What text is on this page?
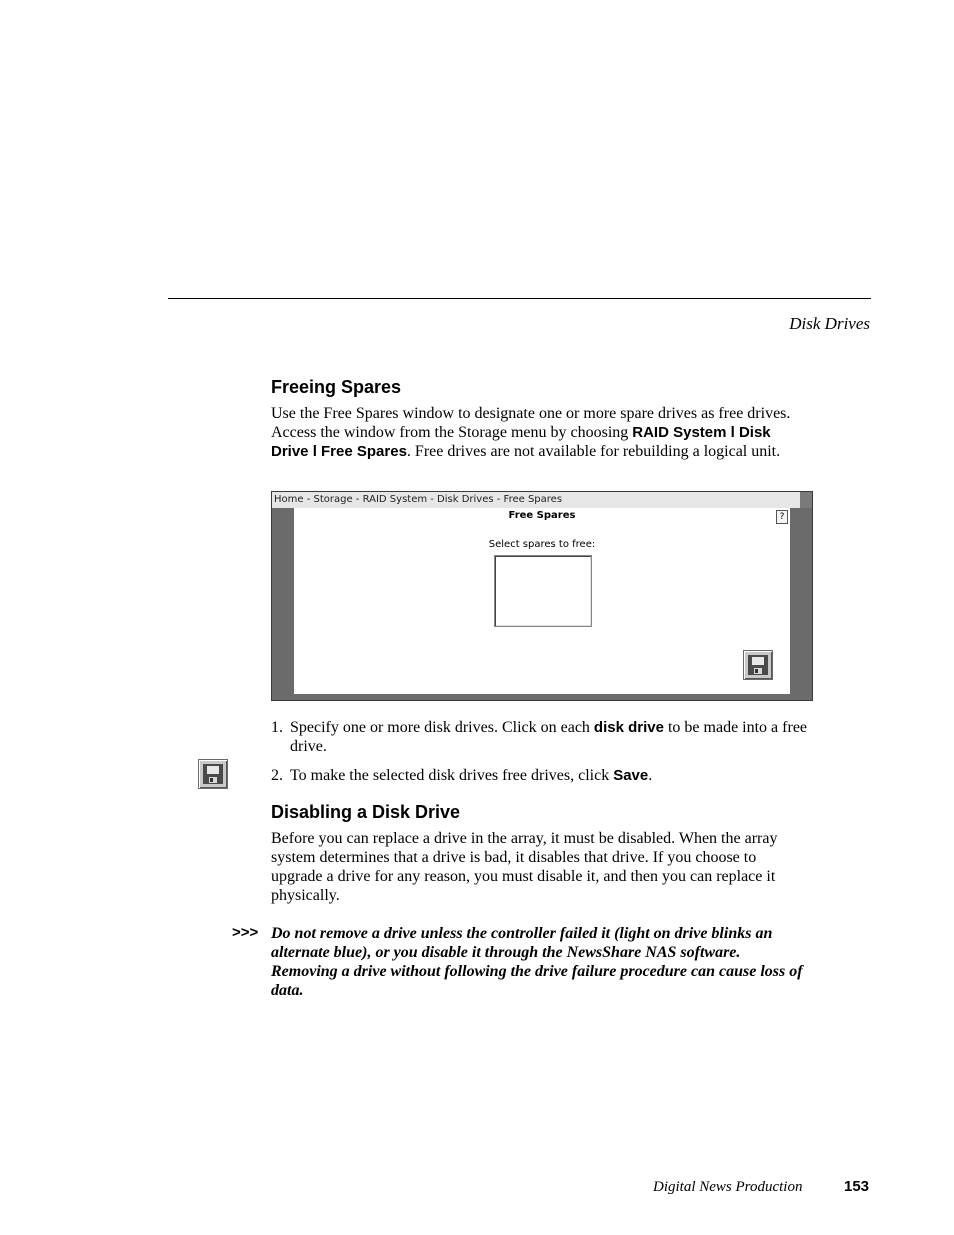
Disk Drives
Freeing Spares

Use the Free Spares window to designate one or more spare drives as free drives. Access the window from the Storage menu by choosing RAID System l Disk Drive l Free Spares. Free drives are not available for rebuilding a logical unit.

Home - Storage - RAID System - Disk Drives - Free Spares
Free Spares	?
Select spares to free:
1. Specify one or more disk drives. Click on each disk drive to be made into a free drive.
2. To make the selected disk drives free drives, click Save.
Disabling a Disk Drive

Before you can replace a drive in the array, it must be disabled. When the array system determines that a drive is bad, it disables that drive. If you choose to upgrade a drive for any reason, you must disable it, and then you can replace it physically.

>>> Do not remove a drive unless the controller failed it (light on drive blinks an alternate blue), or you disable it through the NewsShare NAS software. Removing a drive without following the drive failure procedure can cause loss of data.
Digital News Production	153
